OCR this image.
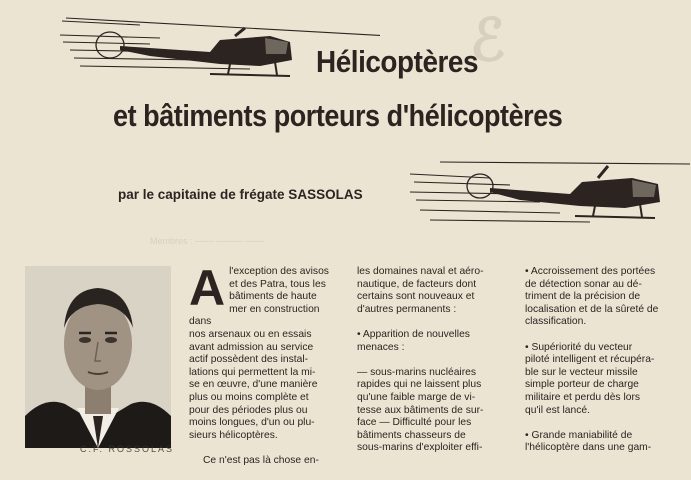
ℰ
Membres : ─── ──── ───
Hélicoptères
et bâtiments porteurs d'hélicoptères
par le capitaine de frégate SASSOLAS
A l'exception des avisos
et des Patra, tous les
bâtiments de haute
mer en construction dans
nos arsenaux ou en essais
avant admission au service
actif possèdent des instal-
lations qui permettent la mi-
se en œuvre, d'une manière
plus ou moins complète et
pour des périodes plus ou
moins longues, d'un ou plu-
sieurs hélicoptères.

Ce n'est pas là chose en-

les domaines naval et aéro-
nautique, de facteurs dont
certains sont nouveaux et
d'autres permanents :

• Apparition de nouvelles
menaces :

— sous-marins nucléaires
rapides qui ne laissent plus
qu'une faible marge de vi-
tesse aux bâtiments de sur-
face — Difficulté pour les
bâtiments chasseurs de
sous-marins d'exploiter effi-

• Accroissement des portées
de détection sonar au dé-
triment de la précision de
localisation et de la sûreté de
classification.

• Supériorité du vecteur
piloté intelligent et récupéra-
ble sur le vecteur missile
simple porteur de charge
militaire et perdu dès lors
qu'il est lancé.

• Grande maniabilité de
l'hélicoptère dans une gam-

C.F. ROSSOLAS
